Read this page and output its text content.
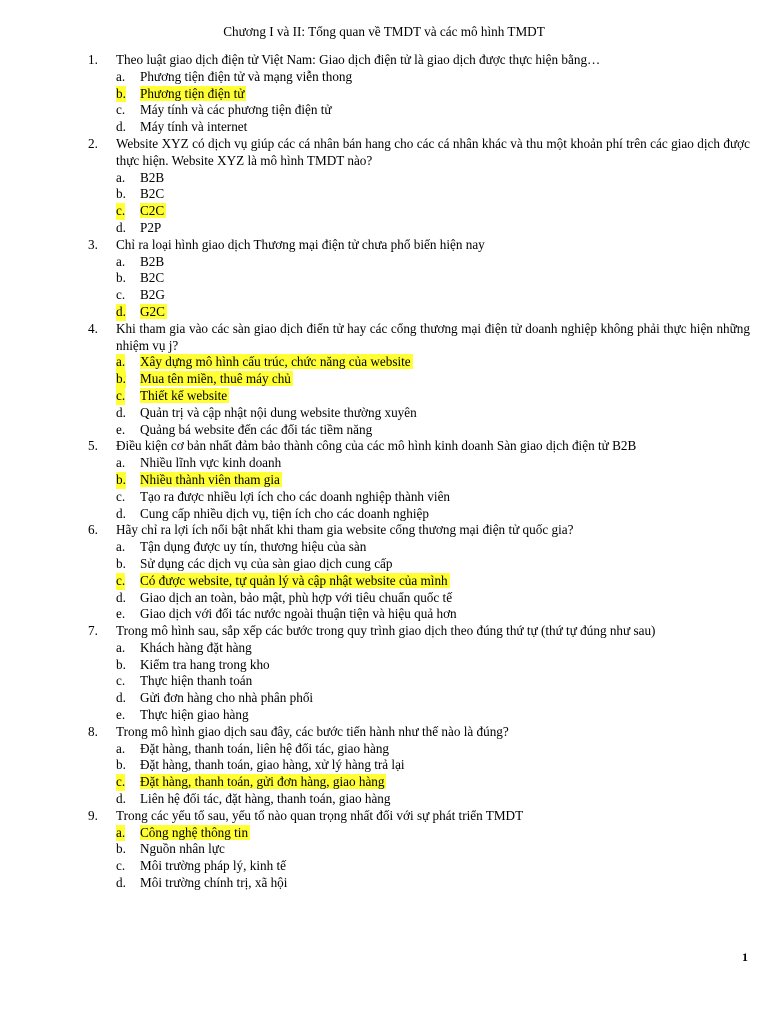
Chương I và II: Tổng quan về TMDT và các mô hình TMDT
1. Theo luật giao dịch điện tử Việt Nam: Giao dịch điện tử là giao dịch được thực hiện bằng…
a. Phương tiện điện tử và mạng viễn thong
b. Phương tiện điện tử
c. Máy tính và các phương tiện điện tử
d. Máy tính và internet
2. Website XYZ có dịch vụ giúp các cá nhân bán hang cho các cá nhân khác và thu một khoản phí trên các giao dịch được thực hiện. Website XYZ là mô hình TMDT nào?
a. B2B
b. B2C
c. C2C
d. P2P
3. Chỉ ra loại hình giao dịch Thương mại điện tử chưa phổ biến hiện nay
a. B2B
b. B2C
c. B2G
d. G2C
4. Khi tham gia vào các sàn giao dịch điển tử hay các cổng thương mại điện tử doanh nghiệp không phải thực hiện những nhiệm vụ j?
a. Xây dựng mô hình cấu trúc, chức năng của website
b. Mua tên miền, thuê máy chủ
c. Thiết kế website
d. Quản trị và cập nhật nội dung website thường xuyên
e. Quảng bá website đến các đối tác tiềm năng
5. Điều kiện cơ bản nhất đảm bảo thành công của các mô hình kinh doanh Sàn giao dịch điện tử B2B
a. Nhiều lĩnh vực kinh doanh
b. Nhiều thành viên tham gia
c. Tạo ra được nhiều lợi ích cho các doanh nghiệp thành viên
d. Cung cấp nhiều dịch vụ, tiện ích cho các doanh nghiệp
6. Hãy chỉ ra lợi ích nổi bật nhất khi tham gia website cổng thương mại điện tử quốc gia?
a. Tận dụng được uy tín, thương hiệu của sàn
b. Sử dụng các dịch vụ của sàn giao dịch cung cấp
c. Có được website, tự quản lý và cập nhật website của mình
d. Giao dịch an toàn, bảo mật, phù hợp với tiêu chuẩn quốc tế
e. Giao dịch với đối tác nước ngoài thuận tiện và hiệu quả hơn
7. Trong mô hình sau, sắp xếp các bước trong quy trình giao dịch theo đúng thứ tự (thứ tự đúng như sau)
a. Khách hàng đặt hàng
b. Kiểm tra hang trong kho
c. Thực hiện thanh toán
d. Gửi đơn hàng cho nhà phân phối
e. Thực hiện giao hàng
8. Trong mô hình giao dịch sau đây, các bước tiến hành như thế nào là đúng?
a. Đặt hàng, thanh toán, liên hệ đối tác, giao hàng
b. Đặt hàng, thanh toán, giao hàng, xử lý hàng trả lại
c. Đặt hàng, thanh toán, gửi đơn hàng, giao hàng
d. Liên hệ đối tác, đặt hàng, thanh toán, giao hàng
9. Trong các yếu tố sau, yếu tố nào quan trọng nhất đối với sự phát triển TMDT
a. Công nghệ thông tin
b. Nguồn nhân lực
c. Môi trường pháp lý, kinh tế
d. Môi trường chính trị, xã hội
1
